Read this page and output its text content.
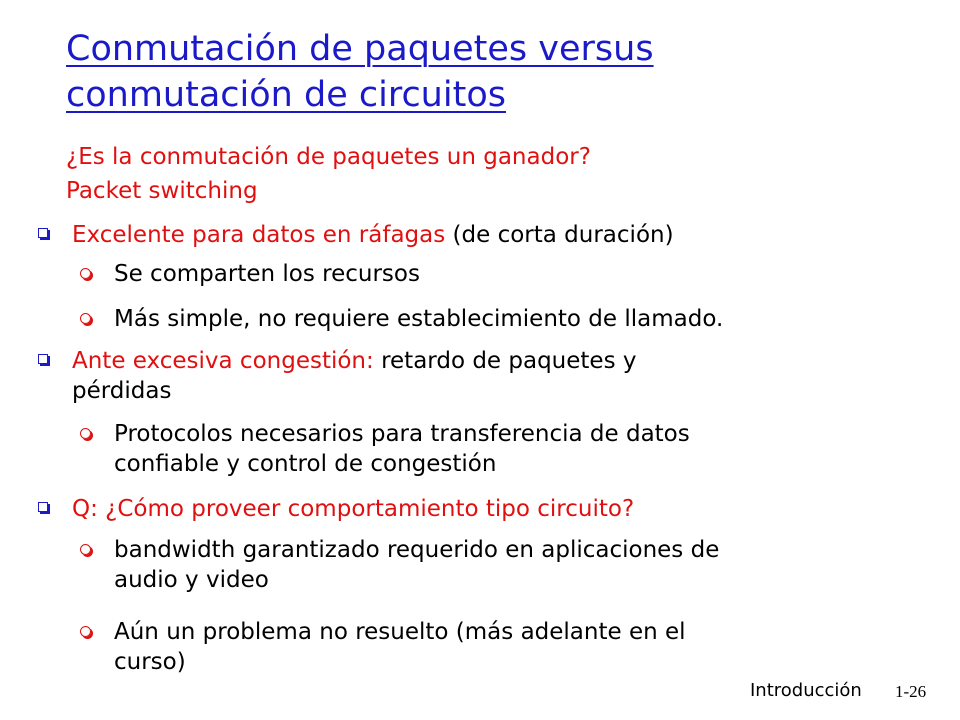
Conmutación de paquetes versus
conmutación de circuitos
¿Es la conmutación de paquetes un ganador?
Packet switching
Excelente para datos en ráfagas (de corta duración)
Se comparten los recursos
Más simple, no requiere establecimiento de llamado.
Ante excesiva congestión: retardo de paquetes y
pérdidas
Protocolos necesarios para transferencia de datos
confiable y control de congestión
Q: ¿Cómo proveer comportamiento tipo circuito?
bandwidth garantizado requerido en aplicaciones de
audio y video
Aún un problema no resuelto (más adelante en el
curso)
Introducción 1-26
